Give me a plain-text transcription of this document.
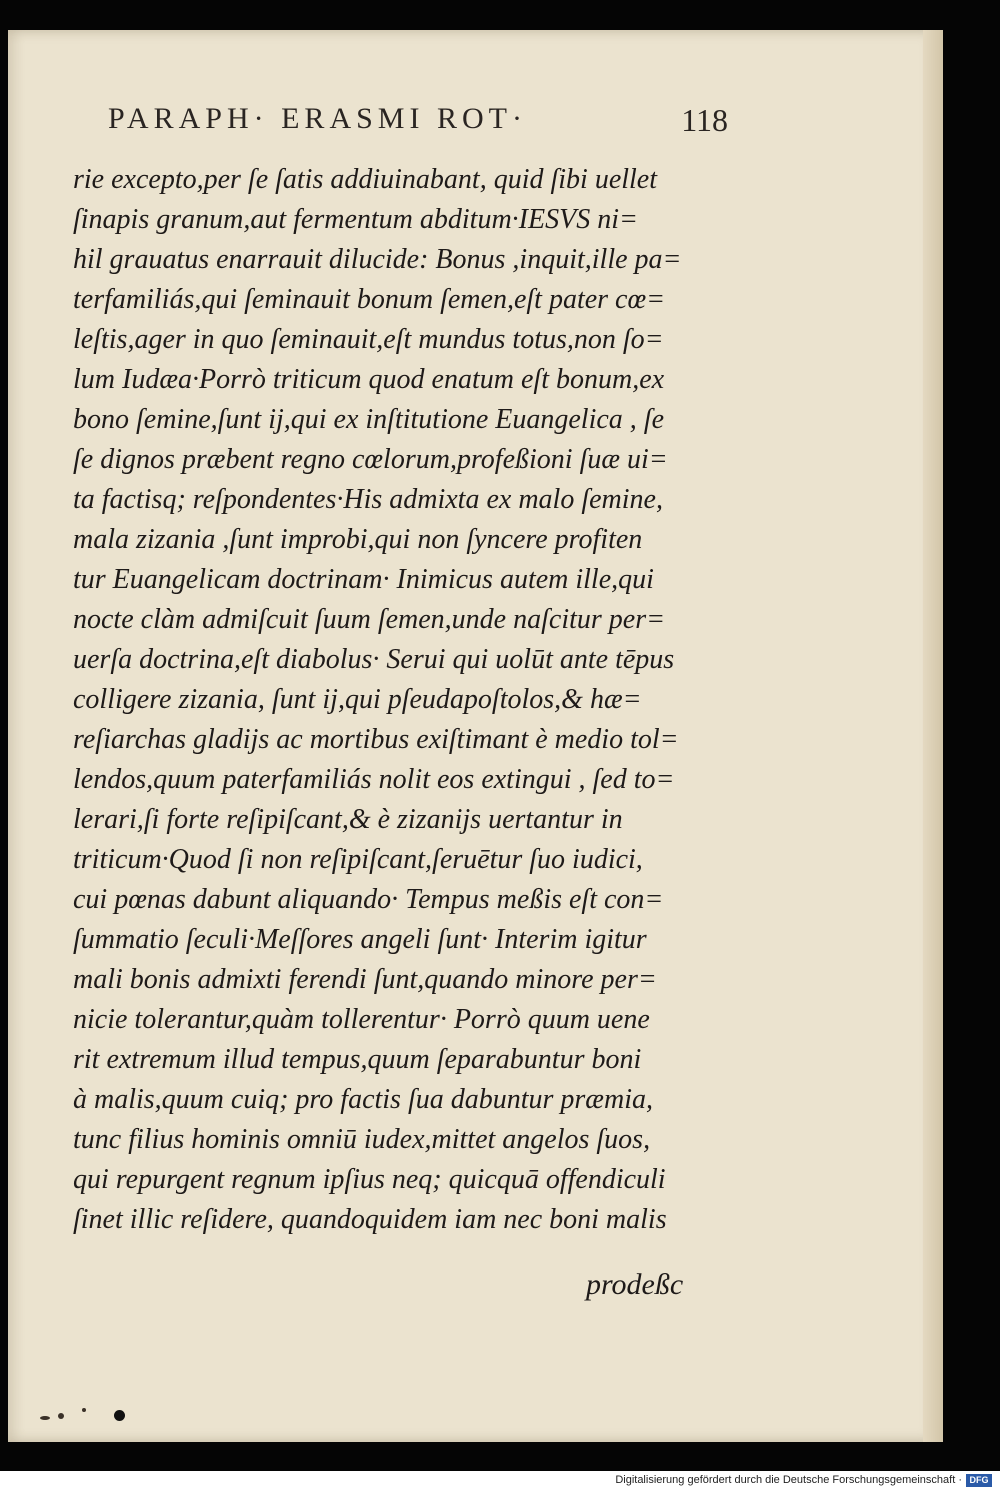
PARAPH· ERASMI ROT·	118
rie excepto,per ſe ſatis addiuinabant, quid ſibi uellet
ſinapis granum,aut fermentum abditum·IESVS ni=
hil grauatus enarrauit dilucide: Bonus ,inquit,ille pa=
terfamiliás,qui ſeminauit bonum ſemen,eſt pater cœ=
leſtis,ager in quo ſeminauit,eſt mundus totus,non ſo=
lum Iudæa·Porrò triticum quod enatum eſt bonum,ex
bono ſemine,ſunt ij,qui ex inſtitutione Euangelica , ſe
ſe dignos præbent regno cœlorum,profeßioni ſuæ ui=
ta factisq; reſpondentes·His admixta ex malo ſemine,
mala zizania ,ſunt improbi,qui non ſyncere profiten
tur Euangelicam doctrinam· Inimicus autem ille,qui
nocte clàm admiſcuit ſuum ſemen,unde naſcitur per=
uerſa doctrina,eſt diabolus· Serui qui uolūt ante tēpus
colligere zizania, ſunt ij,qui pſeudapoſtolos,& hæ=
reſiarchas gladijs ac mortibus exiſtimant è medio tol=
lendos,quum paterfamiliás nolit eos extingui , ſed to=
lerari,ſi forte reſipiſcant,& è zizanijs uertantur in
triticum·Quod ſi non reſipiſcant,ſeruētur ſuo iudici,
cui pœnas dabunt aliquando· Tempus meßis eſt con=
ſummatio ſeculi·Meſſores angeli ſunt· Interim igitur
mali bonis admixti ferendi ſunt,quando minore per=
nicie tolerantur,quàm tollerentur· Porrò quum uene
rit extremum illud tempus,quum ſeparabuntur boni
à malis,quum cuiq; pro factis ſua dabuntur præmia,
tunc filius hominis omniū iudex,mittet angelos ſuos,
qui repurgent regnum ipſius neq; quicquā offendiculi
ſinet illic reſidere, quandoquidem iam nec boni malis
prodeßc
Digitalisierung gefördert durch die Deutsche Forschungsgemeinschaft · DFG
